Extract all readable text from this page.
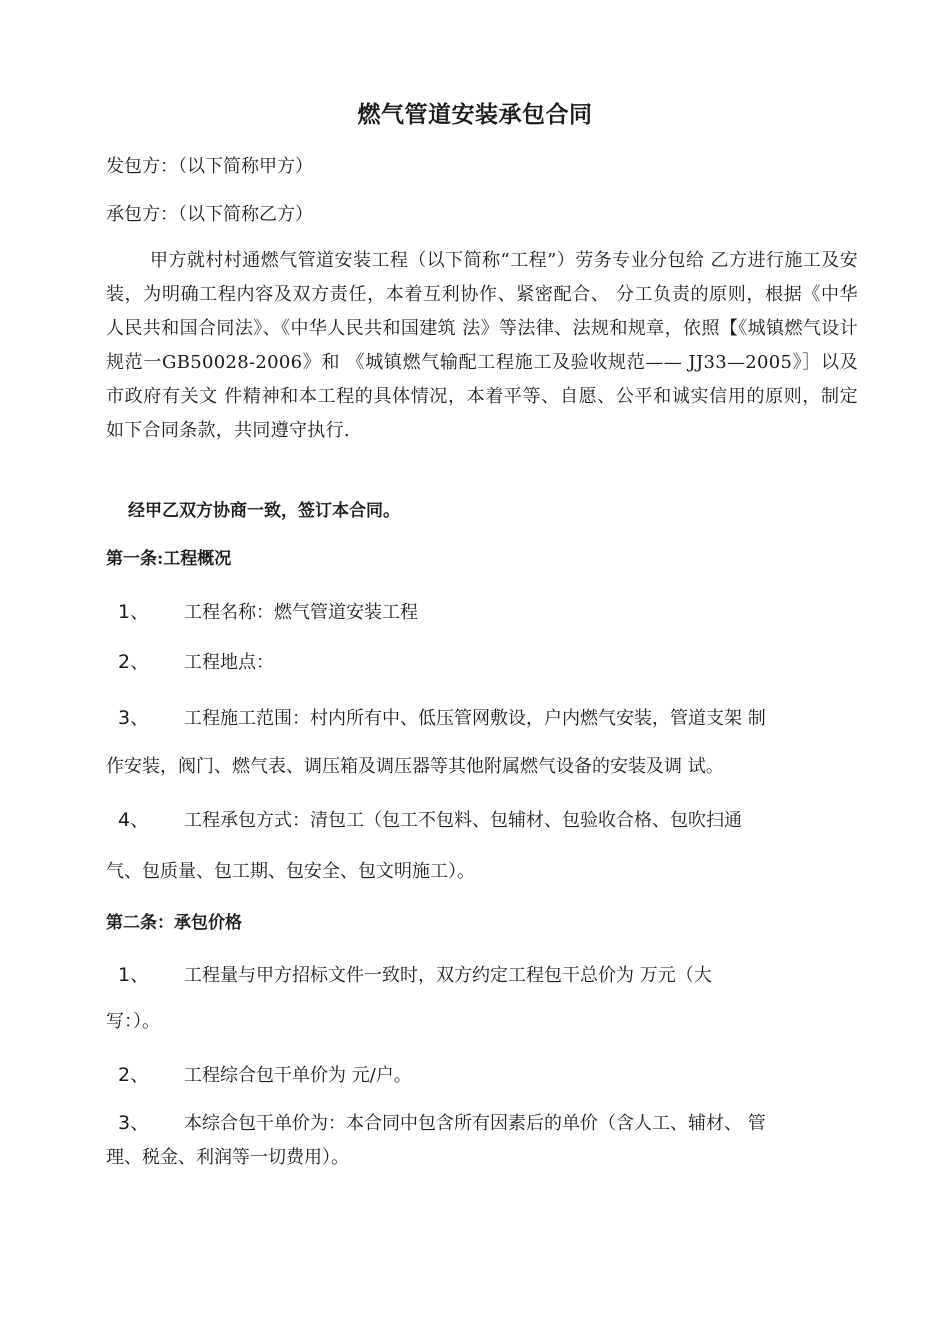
燃气管道安装承包合同
发包方：（以下简称甲方）
承包方：（以下简称乙方）
甲方就村村通燃气管道安装工程（以下简称“工程”）劳务专业分包给 乙方进行施工及安装，为明确工程内容及双方责任，本着互利协作、紧密配合、 分工负责的原则，根据《中华人民共和国合同法》、《中华人民共和国建筑 法》等法律、法规和规章，依照【《城镇燃气设计规范一GB50028-2006》和 《城镇燃气输配工程施工及验收规范—— JJ33—2005》］以及市政府有关文 件精神和本工程的具体情况，本着平等、自愿、公平和诚实信用的原则，制定 如下合同条款，共同遵守执行.
经甲乙双方协商一致，签订本合同。
第一条:工程概况
1、 工程名称：燃气管道安装工程
2、 工程地点：
3、 工程施工范围：村内所有中、低压管网敷设，户内燃气安装，管道支架 制
作安装，阀门、燃气表、调压箱及调压器等其他附属燃气设备的安装及调 试。
4、 工程承包方式：清包工（包工不包料、包辅材、包验收合格、包吹扫通
气、包质量、包工期、包安全、包文明施工）。
第二条：承包价格
1、 工程量与甲方招标文件一致时，双方约定工程包干总价为 万元（大
写：）。
2、 工程综合包干单价为 元/户。
3、 本综合包干单价为：本合同中包含所有因素后的单价（含人工、辅材、 管
理、税金、利润等一切费用）。
